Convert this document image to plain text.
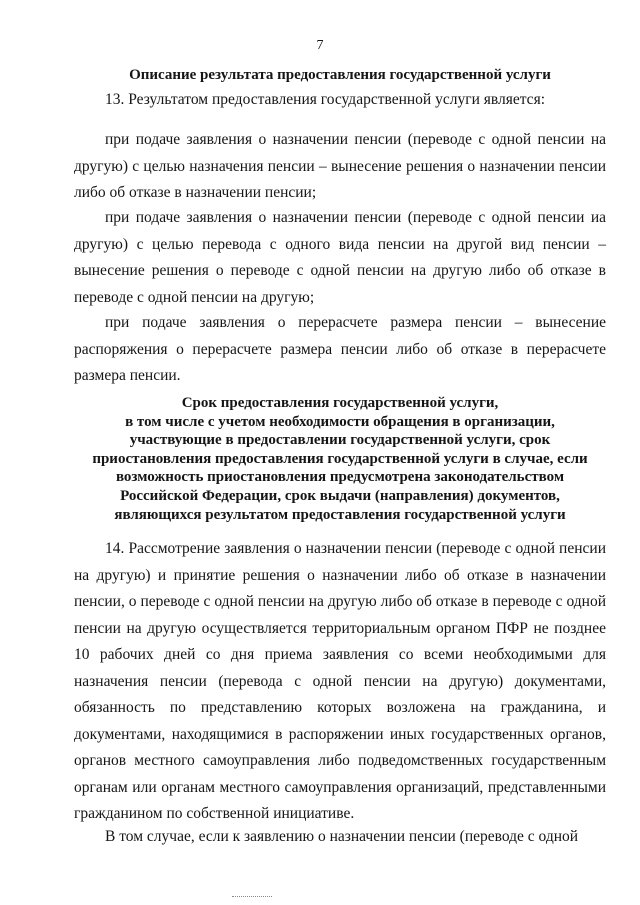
7
Описание результата предоставления государственной услуги

13. Результатом предоставления государственной услуги является:

при подаче заявления о назначении пенсии (переводе с одной пенсии на другую) с целью назначения пенсии – вынесение решения о назначении пенсии либо об отказе в назначении пенсии;

при подаче заявления о назначении пенсии (переводе с одной пенсии иа другую) с целью перевода с одного вида пенсии на другой вид пенсии – вынесение решения о переводе с одной пенсии на другую либо об отказе в переводе с одной пенсии на другую;

при подаче заявления о перерасчете размера пенсии – вынесение распоряжения о перерасчете размера пенсии либо об отказе в перерасчете размера пенсии.

Срок предоставления государственной услуги,
в том числе с учетом необходимости обращения в организации,
участвующие в предоставлении государственной услуги, срок
приостановления предоставления государственной услуги в случае, если
возможность приостановления предусмотрена законодательством
Российской Федерации, срок выдачи (направления) документов,
являющихся результатом предоставления государственной услуги

14. Рассмотрение заявления о назначении пенсии (переводе с одной пенсии на другую) и принятие решения о назначении либо об отказе в назначении пенсии, о переводе с одной пенсии на другую либо об отказе в переводе с одной пенсии на другую осуществляется территориальным органом ПФР не позднее 10 рабочих дней со дня приема заявления со всеми необходимыми для назначения пенсии (перевода с одной пенсии на другую) документами, обязанность по представлению которых возложена на гражданина, и документами, находящимися в распоряжении иных государственных органов, органов местного самоуправления либо подведомственных государственным органам или органам местного самоуправления организаций, представленными гражданином по собственной инициативе.

В том случае, если к заявлению о назначении пенсии (переводе с одной
